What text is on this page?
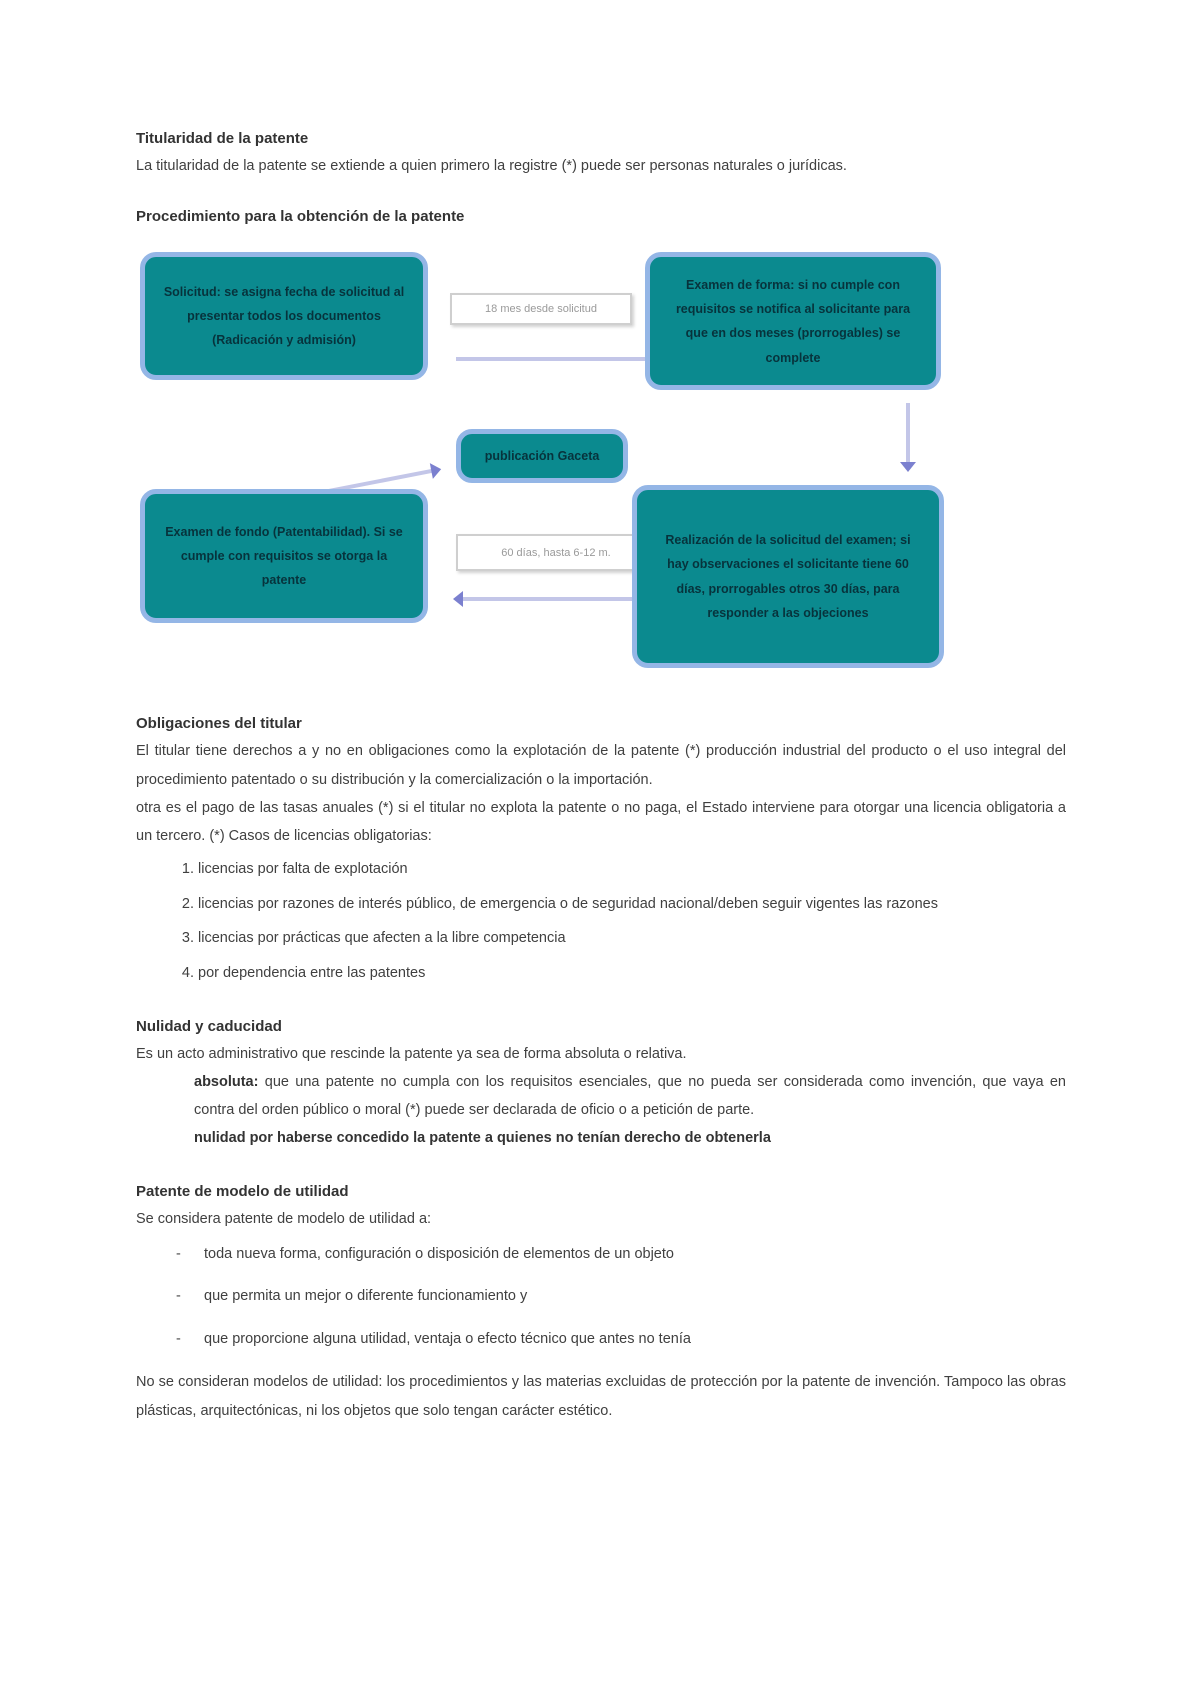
Titularidad de la patente

La titularidad de la patente se extiende a quien primero la registre (*) puede ser personas naturales o jurídicas.

Procedimiento para la obtención de la patente
Solicitud: se asigna fecha de solicitud al presentar todos los documentos (Radicación y admisión)
18 mes desde solicitud
Examen de forma: si no cumple con requisitos se notifica al solicitante para que en dos meses (prorrogables) se complete
publicación Gaceta
Examen de fondo (Patentabilidad). Si se cumple con requisitos se otorga la patente
60 días, hasta 6-12 m.
Realización de la solicitud del examen; si hay observaciones el solicitante tiene 60 días, prorrogables otros 30 días, para responder a las objeciones
Obligaciones del titular

El titular tiene derechos a y no en obligaciones como la explotación de la patente (*) producción industrial del producto o el uso integral del procedimiento patentado o su distribución y la comercialización o la importación.

otra es el pago de las tasas anuales (*) si el titular no explota la patente o no paga, el Estado interviene para otorgar una licencia obligatoria a un tercero. (*) Casos de licencias obligatorias:

1. licencias por falta de explotación
2. licencias por razones de interés público, de emergencia o de seguridad nacional/deben seguir vigentes las razones
3. licencias por prácticas que afecten a la libre competencia
4. por dependencia entre las patentes
Nulidad y caducidad

Es un acto administrativo que rescinde la patente ya sea de forma absoluta o relativa.

absoluta: que una patente no cumpla con los requisitos esenciales, que no pueda ser considerada como invención, que vaya en contra del orden público o moral (*) puede ser declarada de oficio o a petición de parte.
nulidad por haberse concedido la patente a quienes no tenían derecho de obtenerla
Patente de modelo de utilidad

Se considera patente de modelo de utilidad a:

- toda nueva forma, configuración o disposición de elementos de un objeto
- que permita un mejor o diferente funcionamiento y
- que proporcione alguna utilidad, ventaja o efecto técnico que antes no tenía

No se consideran modelos de utilidad: los procedimientos y las materias excluidas de protección por la patente de invención. Tampoco las obras plásticas, arquitectónicas, ni los objetos que solo tengan carácter estético.
